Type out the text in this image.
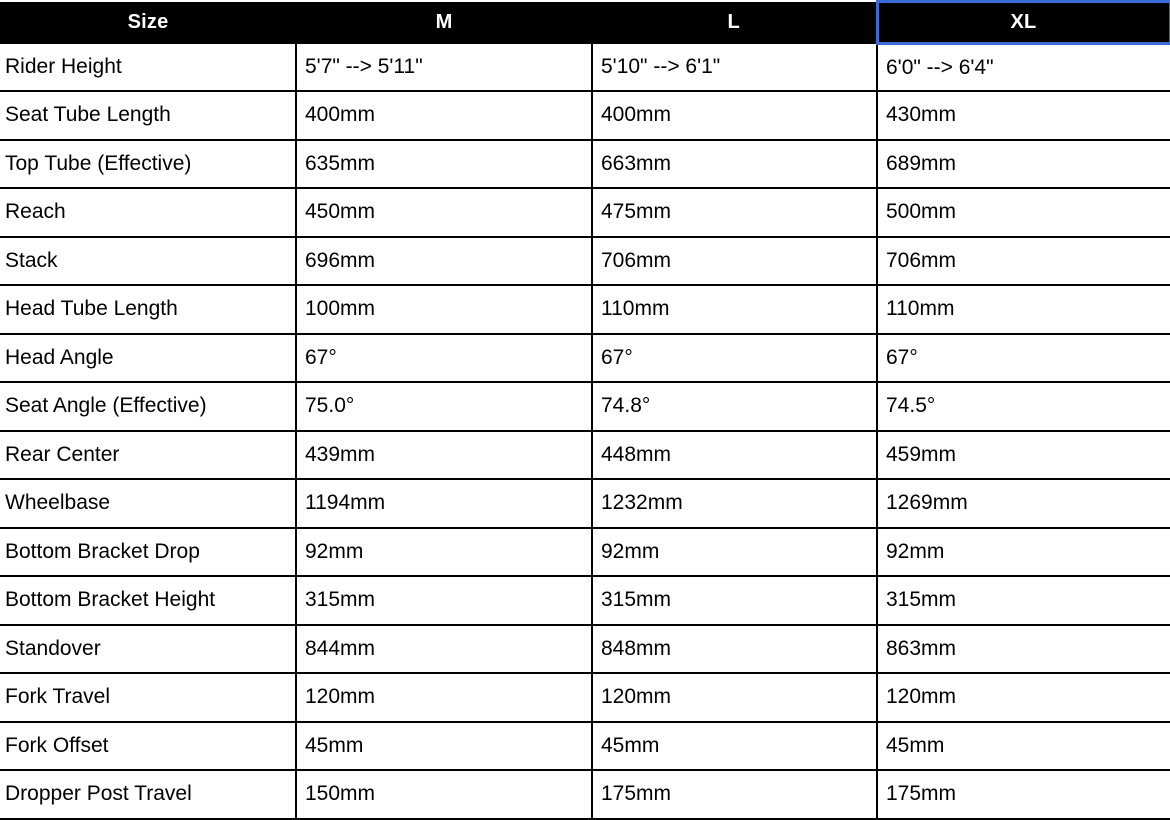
Size	M	L	XL
Rider Height	5'7" --> 5'11"	5'10" --> 6'1"	6'0" --> 6'4"
Seat Tube Length	400mm	400mm	430mm
Top Tube (Effective)	635mm	663mm	689mm
Reach	450mm	475mm	500mm
Stack	696mm	706mm	706mm
Head Tube Length	100mm	110mm	110mm
Head Angle	67°	67°	67°
Seat Angle (Effective)	75.0°	74.8°	74.5°
Rear Center	439mm	448mm	459mm
Wheelbase	1194mm	1232mm	1269mm
Bottom Bracket Drop	92mm	92mm	92mm
Bottom Bracket Height	315mm	315mm	315mm
Standover	844mm	848mm	863mm
Fork Travel	120mm	120mm	120mm
Fork Offset	45mm	45mm	45mm
Dropper Post Travel	150mm	175mm	175mm
